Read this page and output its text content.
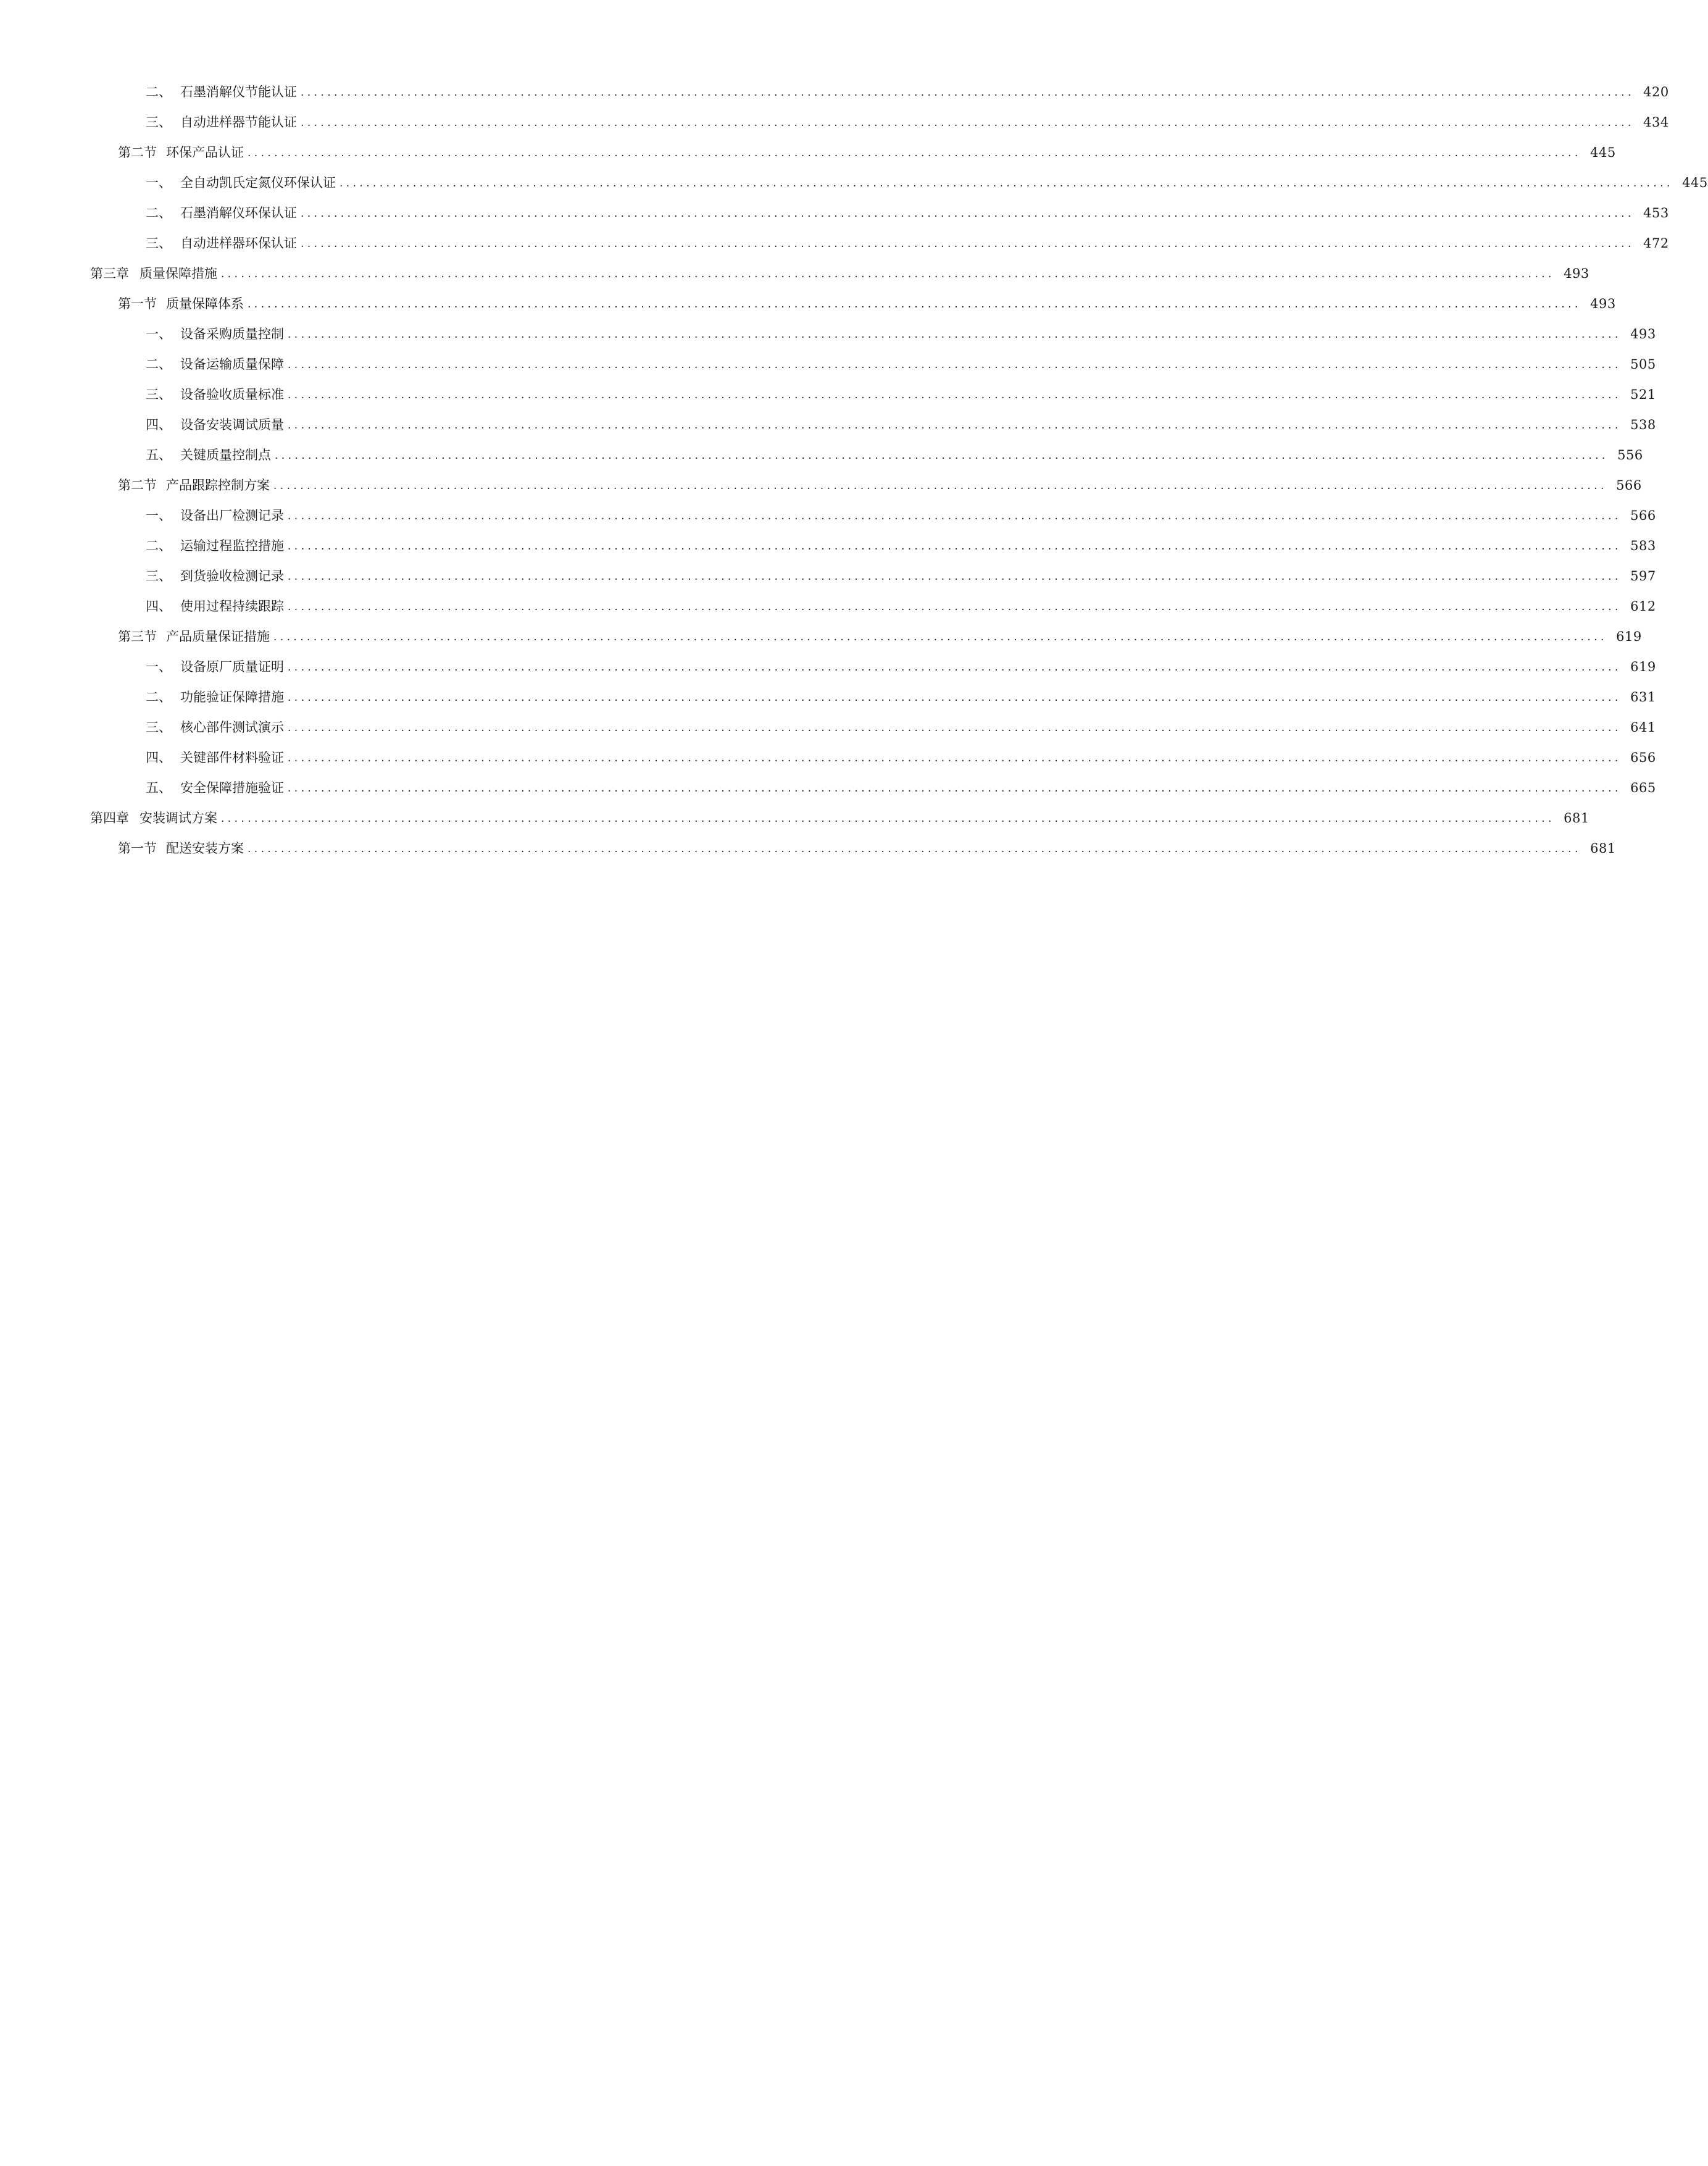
二、 石墨消解仪节能认证 ........................................................................................................................................................................................................ 420
三、 自动进样器节能认证 ........................................................................................................................................................................................................ 434
第二节 环保产品认证 ........................................................................................................................................................................................................ 445
一、 全自动凯氏定氮仪环保认证 ........................................................................................................................................................................................................ 445
二、 石墨消解仪环保认证 ........................................................................................................................................................................................................ 453
三、 自动进样器环保认证 ........................................................................................................................................................................................................ 472
第三章 质量保障措施 ........................................................................................................................................................................................................ 493
第一节 质量保障体系 ........................................................................................................................................................................................................ 493
一、 设备采购质量控制 ........................................................................................................................................................................................................ 493
二、 设备运输质量保障 ........................................................................................................................................................................................................ 505
三、 设备验收质量标准 ........................................................................................................................................................................................................ 521
四、 设备安装调试质量 ........................................................................................................................................................................................................ 538
五、 关键质量控制点 ........................................................................................................................................................................................................ 556
第二节 产品跟踪控制方案 ........................................................................................................................................................................................................ 566
一、 设备出厂检测记录 ........................................................................................................................................................................................................ 566
二、 运输过程监控措施 ........................................................................................................................................................................................................ 583
三、 到货验收检测记录 ........................................................................................................................................................................................................ 597
四、 使用过程持续跟踪 ........................................................................................................................................................................................................ 612
第三节 产品质量保证措施 ........................................................................................................................................................................................................ 619
一、 设备原厂质量证明 ........................................................................................................................................................................................................ 619
二、 功能验证保障措施 ........................................................................................................................................................................................................ 631
三、 核心部件测试演示 ........................................................................................................................................................................................................ 641
四、 关键部件材料验证 ........................................................................................................................................................................................................ 656
五、 安全保障措施验证 ........................................................................................................................................................................................................ 665
第四章 安装调试方案 ........................................................................................................................................................................................................ 681
第一节 配送安装方案 ........................................................................................................................................................................................................ 681
